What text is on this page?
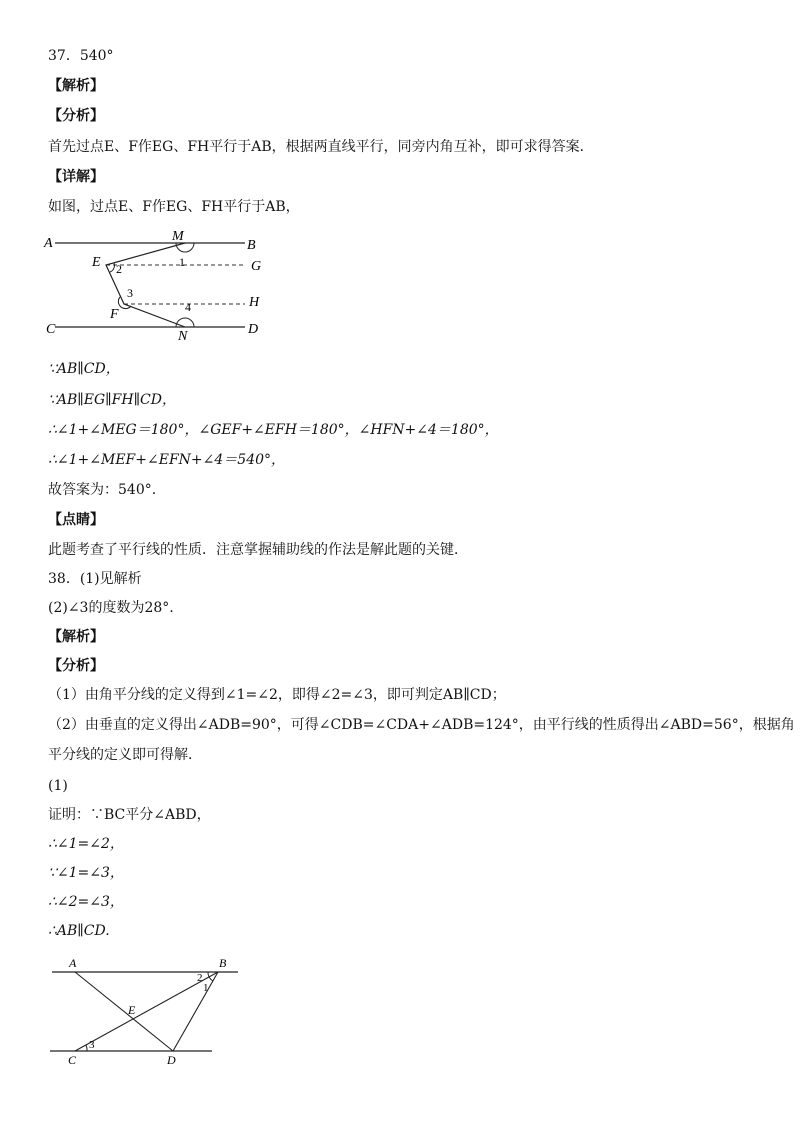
37．540°
【解析】
【分析】
首先过点E、F作EG、FH平行于AB，根据两直线平行，同旁内角互补，即可求得答案．
【详解】
如图，过点E、F作EG、FH平行于AB，
A	B
M
E 2	1	G
3
4	H
F
C	D
N
∵AB∥CD，
∵AB∥EG∥FH∥CD，
∴∠1+∠MEG＝180°，∠GEF+∠EFH＝180°，∠HFN+∠4＝180°，
∴∠1+∠MEF+∠EFN+∠4＝540°，
故答案为：540°.
【点睛】
此题考查了平行线的性质．注意掌握辅助线的作法是解此题的关键．
38．(1)见解析
(2)∠3的度数为28°.
【解析】
【分析】
（1）由角平分线的定义得到∠1=∠2，即得∠2=∠3，即可判定AB∥CD；
（2）由垂直的定义得出∠ADB=90°，可得∠CDB=∠CDA+∠ADB=124°，由平行线的性质得出∠ABD=56°，根据角
平分线的定义即可得解．
(1)
证明：∵BC平分∠ABD，
∴∠1=∠2，
∵∠1=∠3，
∴∠2=∠3，
∴AB∥CD.
A	B
2
1
E
C
3
D
